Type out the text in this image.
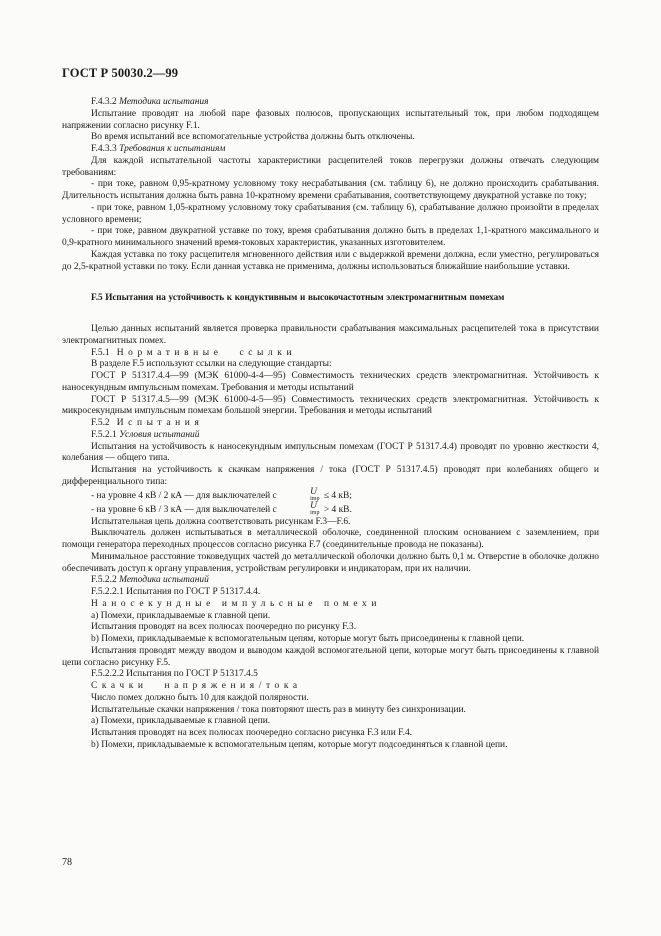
ГОСТ Р 50030.2—99

F.4.3.2 Методика испытания

Испытание проводят на любой паре фазовых полюсов, пропускающих испытательный ток, при любом подходящем напряжении согласно рисунку F.1.

Во время испытаний все вспомогательные устройства должны быть отключены.

F.4.3.3 Требования к испытаниям

Для каждой испытательной частоты характеристики расцепителей токов перегрузки должны отвечать следующим требованиям:

- при токе, равном 0,95-кратному условному току несрабатывания (см. таблицу 6), не должно происходить срабатывания. Длительность испытания должна быть равна 10-кратному времени срабатывания, соответствующему двукратной уставке по току;

- при токе, равном 1,05-кратному условному току срабатывания (см. таблицу 6), срабатывание должно произойти в пределах условного времени;

- при токе, равном двукратной уставке по току, время срабатывания должно быть в пределах 1,1-кратного максимального и 0,9-кратного минимального значений время-токовых характеристик, указанных изготовителем.

Каждая уставка по току расцепителя мгновенного действия или с выдержкой времени должна, если уместно, регулироваться до 2,5-кратной уставки по току. Если данная уставка не применима, должны использоваться ближайшие наибольшие уставки.

F.5 Испытания на устойчивость к кондуктивным и высокочастотным электромагнитным помехам

Целью данных испытаний является проверка правильности срабатывания максимальных расцепителей тока в присутствии электромагнитных помех.

F.5.1 Нормативные ссылки

В разделе F.5 используют ссылки на следующие стандарты:

ГОСТ Р 51317.4.4—99 (МЭК 61000-4-4—95) Совместимость технических средств электромагнитная. Устойчивость к наносекундным импульсным помехам. Требования и методы испытаний

ГОСТ Р 51317.4.5—99 (МЭК 61000-4-5—95) Совместимость технических средств электромагнитная. Устойчивость к микросекундным импульсным помехам большой энергии. Требования и методы испытаний

F.5.2 Испытания

F.5.2.1 Условия испытаний

Испытания на устойчивость к наносекундным импульсным помехам (ГОСТ Р 51317.4.4) проводят по уровню жесткости 4, колебания — общего типа.

Испытания на устойчивость к скачкам напряжения / тока (ГОСТ Р 51317.4.5) проводят при колебаниях общего и дифференциального типа:

- на уровне 4 кВ / 2 кА — для выключателей с	U
imp ≤ 4 кВ;

- на уровне 6 кВ / 3 кА — для выключателей с	U
imp > 4 кВ.

Испытательная цепь должна соответствовать рисункам F.3—F.6.

Выключатель должен испытываться в металлической оболочке, соединенной плоским основанием с заземлением, при помощи генератора переходных процессов согласно рисунка F.7 (соединительные провода не показаны).

Минимальное расстояние токоведущих частей до металлической оболочки должно быть 0,1 м. Отверстие в оболочке должно обеспечивать доступ к органу управления, устройствам регулировки и индикаторам, при их наличии.

F.5.2.2 Методика испытаний

F.5.2.2.1 Испытания по ГОСТ Р 51317.4.4.

Наносекундные импульсные помехи

а) Помехи, прикладываемые к главной цепи.

Испытания проводят на всех полюсах поочередно по рисунку F.3.

b) Помехи, прикладываемые к вспомогательным цепям, которые могут быть присоединены к главной цепи.

Испытания проводят между вводом и выводом каждой вспомогательной цепи, которые могут быть присоединены к главной цепи согласно рисунку F.5.

F.5.2.2.2 Испытания по ГОСТ Р 51317.4.5

Скачки напряжения/тока

Число помех должно быть 10 для каждой полярности.

Испытательные скачки напряжения / тока повторяют шесть раз в минуту без синхронизации.

а) Помехи, прикладываемые к главной цепи.

Испытания проводят на всех полюсах поочередно согласно рисунка F.3 или F.4.

b) Помехи, прикладываемые к вспомогательным цепям, которые могут подсоединяться к главной цепи.

78
